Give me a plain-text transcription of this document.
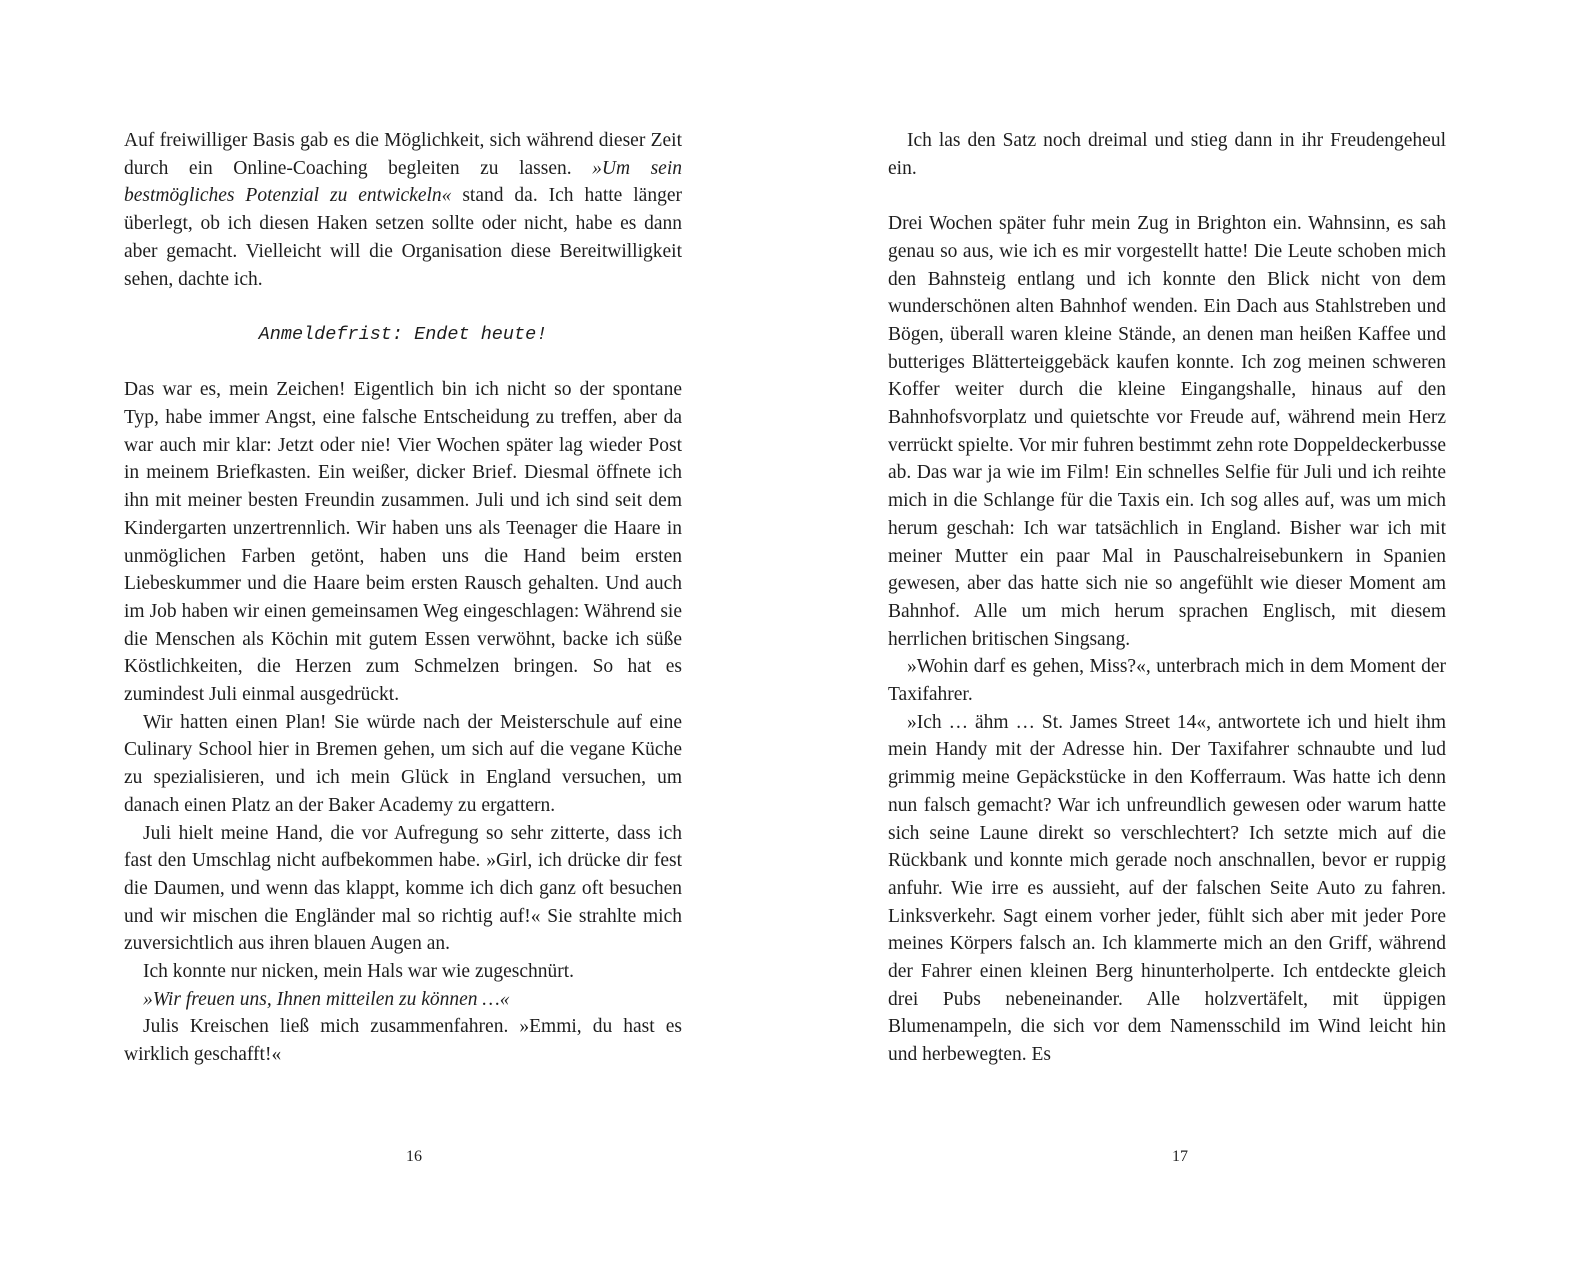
Auf freiwilliger Basis gab es die Möglichkeit, sich während dieser Zeit durch ein Online-Coaching begleiten zu lassen. »Um sein bestmögliches Potenzial zu entwickeln« stand da. Ich hatte länger überlegt, ob ich diesen Haken setzen sollte oder nicht, habe es dann aber gemacht. Vielleicht will die Organisation diese Bereitwilligkeit sehen, dachte ich.

Anmeldefrist: Endet heute!

Das war es, mein Zeichen! Eigentlich bin ich nicht so der spontane Typ, habe immer Angst, eine falsche Entscheidung zu treffen, aber da war auch mir klar: Jetzt oder nie! Vier Wochen später lag wieder Post in meinem Briefkasten. Ein weißer, dicker Brief. Diesmal öffnete ich ihn mit meiner besten Freundin zusammen. Juli und ich sind seit dem Kindergarten unzertrennlich. Wir haben uns als Teenager die Haare in unmöglichen Farben getönt, haben uns die Hand beim ersten Liebeskummer und die Haare beim ersten Rausch gehalten. Und auch im Job haben wir einen gemeinsamen Weg eingeschlagen: Während sie die Menschen als Köchin mit gutem Essen verwöhnt, backe ich süße Köstlichkeiten, die Herzen zum Schmelzen bringen. So hat es zumindest Juli einmal ausgedrückt.

Wir hatten einen Plan! Sie würde nach der Meisterschule auf eine Culinary School hier in Bremen gehen, um sich auf die vegane Küche zu spezialisieren, und ich mein Glück in England versuchen, um danach einen Platz an der Baker Academy zu ergattern.

Juli hielt meine Hand, die vor Aufregung so sehr zitterte, dass ich fast den Umschlag nicht aufbekommen habe. »Girl, ich drücke dir fest die Daumen, und wenn das klappt, komme ich dich ganz oft besuchen und wir mischen die Engländer mal so richtig auf!« Sie strahlte mich zuversichtlich aus ihren blauen Augen an.

Ich konnte nur nicken, mein Hals war wie zugeschnürt.

»Wir freuen uns, Ihnen mitteilen zu können …«

Julis Kreischen ließ mich zusammenfahren. »Emmi, du hast es wirklich geschafft!«

16

Ich las den Satz noch dreimal und stieg dann in ihr Freudengeheul ein.

Drei Wochen später fuhr mein Zug in Brighton ein. Wahnsinn, es sah genau so aus, wie ich es mir vorgestellt hatte! Die Leute schoben mich den Bahnsteig entlang und ich konnte den Blick nicht von dem wunderschönen alten Bahnhof wenden. Ein Dach aus Stahlstreben und Bögen, überall waren kleine Stände, an denen man heißen Kaffee und butteriges Blätterteiggebäck kaufen konnte. Ich zog meinen schweren Koffer weiter durch die kleine Eingangshalle, hinaus auf den Bahnhofsvorplatz und quietschte vor Freude auf, während mein Herz verrückt spielte. Vor mir fuhren bestimmt zehn rote Doppeldeckerbusse ab. Das war ja wie im Film! Ein schnelles Selfie für Juli und ich reihte mich in die Schlange für die Taxis ein. Ich sog alles auf, was um mich herum geschah: Ich war tatsächlich in England. Bisher war ich mit meiner Mutter ein paar Mal in Pauschalreisebunkern in Spanien gewesen, aber das hatte sich nie so angefühlt wie dieser Moment am Bahnhof. Alle um mich herum sprachen Englisch, mit diesem herrlichen britischen Singsang.

»Wohin darf es gehen, Miss?«, unterbrach mich in dem Moment der Taxifahrer.

»Ich … ähm … St. James Street 14«, antwortete ich und hielt ihm mein Handy mit der Adresse hin. Der Taxifahrer schnaubte und lud grimmig meine Gepäckstücke in den Kofferraum. Was hatte ich denn nun falsch gemacht? War ich unfreundlich gewesen oder warum hatte sich seine Laune direkt so verschlechtert? Ich setzte mich auf die Rückbank und konnte mich gerade noch anschnallen, bevor er ruppig anfuhr. Wie irre es aussieht, auf der falschen Seite Auto zu fahren. Linksverkehr. Sagt einem vorher jeder, fühlt sich aber mit jeder Pore meines Körpers falsch an. Ich klammerte mich an den Griff, während der Fahrer einen kleinen Berg hinunterholperte. Ich entdeckte gleich drei Pubs nebeneinander. Alle holzvertäfelt, mit üppigen Blumenampeln, die sich vor dem Namensschild im Wind leicht hin und herbewegten. Es

17
